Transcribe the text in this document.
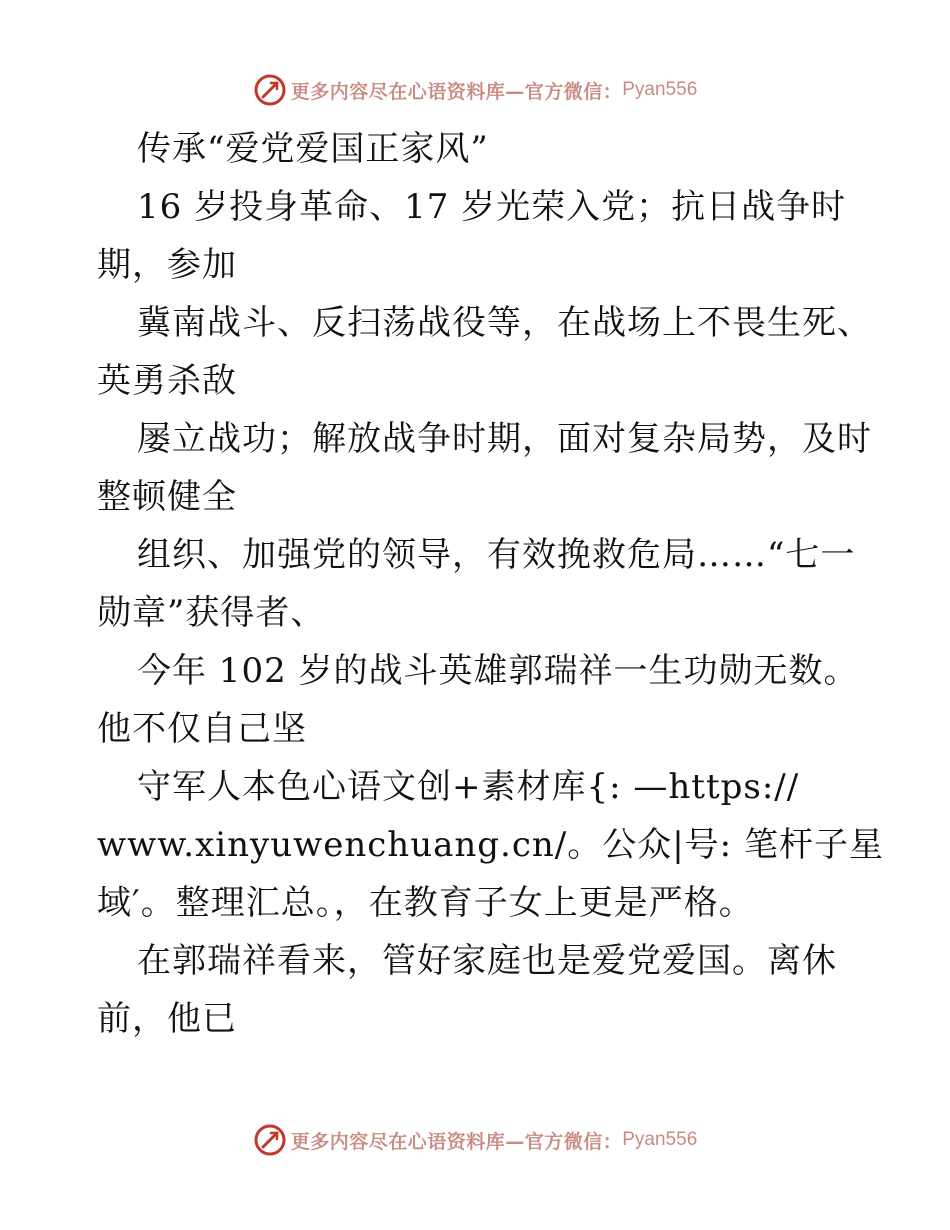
更多内容尽在心语资料库—官方微信： Pyan556
传承“爱党爱国正家风”
16 岁投身革命、17 岁光荣入党；抗日战争时
期，参加
冀南战斗、反扫荡战役等，在战场上不畏生死、
英勇杀敌
屡立战功；解放战争时期，面对复杂局势，及时
整顿健全
组织、加强党的领导，有效挽救危局……“七一
勋章”获得者、
今年 102 岁的战斗英雄郭瑞祥一生功勋无数。
他不仅自己坚
守军人本色心语文创+素材库{: —https://
www.xinyuwenchuang.cn/。公众|号: 笔杆子星
域′。整理汇总。，在教育子女上更是严格。
在郭瑞祥看来，管好家庭也是爱党爱国。离休
前，他已
更多内容尽在心语资料库—官方微信： Pyan556
